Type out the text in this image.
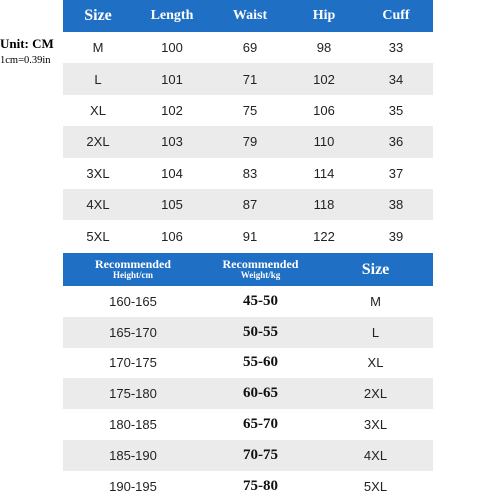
Unit: CM
1cm=0.39in
Size	Length	Waist	Hip	Cuff
M	100	69	98	33
L	101	71	102	34
XL	102	75	106	35
2XL	103	79	110	36
3XL	104	83	114	37
4XL	105	87	118	38
5XL	106	91	122	39
Recommended
Height/cm
Recommended
Weight/kg	Size
160-165	45-50	M
165-170	50-55	L
170-175	55-60	XL
175-180	60-65	2XL
180-185	65-70	3XL
185-190	70-75	4XL
190-195	75-80	5XL
